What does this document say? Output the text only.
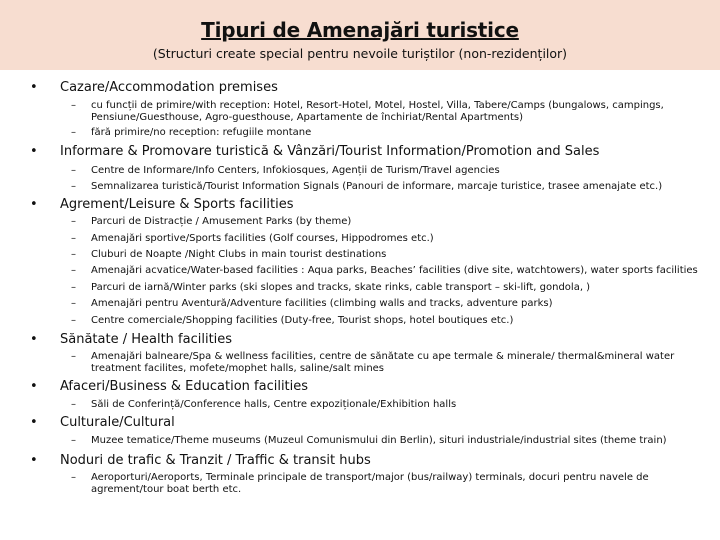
Tipuri de Amenajări turistice
(Structuri create special pentru nevoile turiștilor (non-rezidenților)
• Cazare/Accommodation premises
– cu funcții de primire/with reception: Hotel, Resort-Hotel, Motel, Hostel, Villa, Tabere/Camps (bungalows, campings, Pensiune/Guesthouse, Agro-guesthouse, Apartamente de închiriat/Rental Apartments)
– fără primire/no reception: refugiile montane
• Informare & Promovare turistică & Vânzări/Tourist Information/Promotion and Sales
– Centre de Informare/Info Centers, Infokiosques, Agenții de Turism/Travel agencies
– Semnalizarea turistică/Tourist Information Signals (Panouri de informare, marcaje turistice, trasee amenajate etc.)
• Agrement/Leisure & Sports facilities
– Parcuri de Distracție / Amusement Parks (by theme)
– Amenajări sportive/Sports facilities (Golf courses, Hippodromes etc.)
– Cluburi de Noapte /Night Clubs in main tourist destinations
– Amenajări acvatice/Water-based facilities : Aqua parks, Beaches’ facilities (dive site, watchtowers), water sports facilities
– Parcuri de iarnă/Winter parks (ski slopes and tracks, skate rinks, cable transport – ski-lift, gondola, )
– Amenajări pentru Aventură/Adventure facilities (climbing walls and tracks, adventure parks)
– Centre comerciale/Shopping facilities (Duty-free, Tourist shops, hotel boutiques etc.)
• Sănătate / Health facilities
– Amenajări balneare/Spa & wellness facilities, centre de sănătate cu ape termale & minerale/ thermal&mineral water treatment facilites, mofete/mophet halls, saline/salt mines
• Afaceri/Business & Education facilities
– Săli de Conferință/Conference halls, Centre expoziționale/Exhibition halls
• Culturale/Cultural
– Muzee tematice/Theme museums (Muzeul Comunismului din Berlin), situri industriale/industrial sites (theme train)
• Noduri de trafic & Tranzit / Traffic & transit hubs
– Aeroporturi/Aeroports, Terminale principale de transport/major (bus/railway) terminals, docuri pentru navele de agrement/tour boat berth etc.
